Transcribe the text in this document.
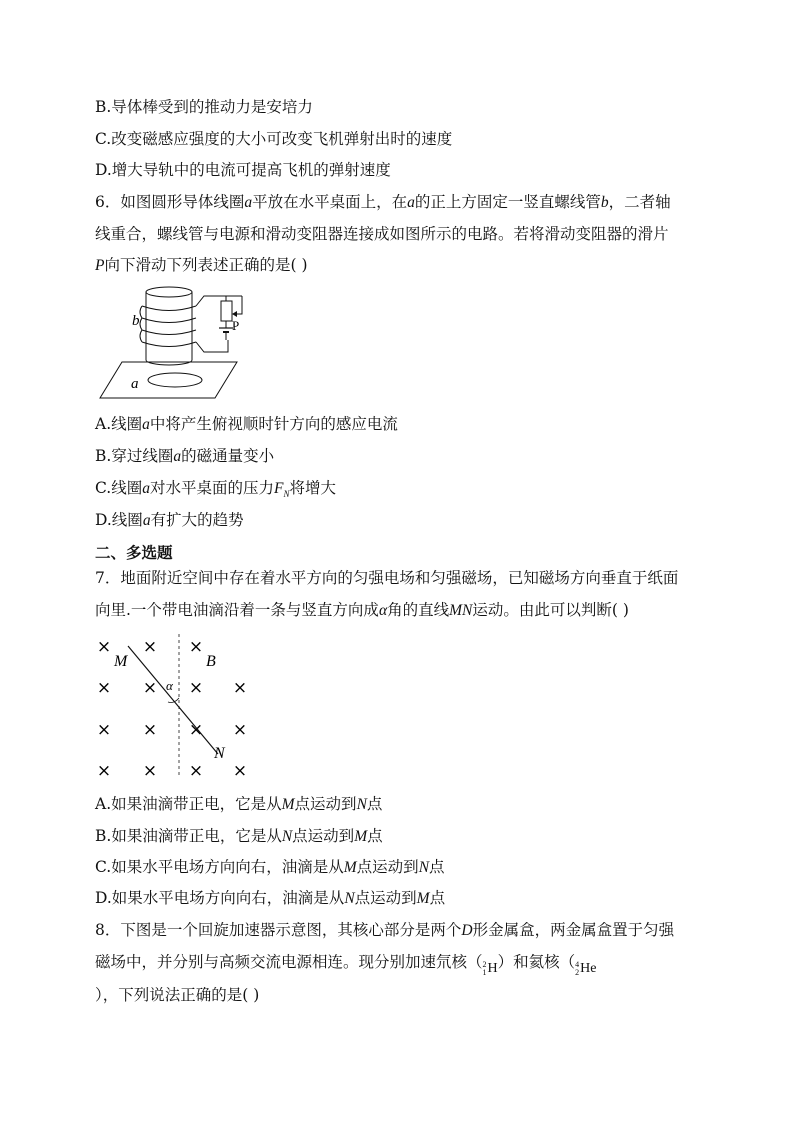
B.导体棒受到的推动力是安培力
C.改变磁感应强度的大小可改变飞机弹射出时的速度
D.增大导轨中的电流可提高飞机的弹射速度
6．如图圆形导体线圈a平放在水平桌面上，在a的正上方固定一竖直螺线管b，二者轴
线重合，螺线管与电源和滑动变阻器连接成如图所示的电路。若将滑动变阻器的滑片
P向下滑动下列表述正确的是( )
b
a
P
A.线圈a中将产生俯视顺时针方向的感应电流
B.穿过线圈a的磁通量变小
C.线圈a对水平桌面的压力$F_N$将增大
D.线圈a有扩大的趋势
二、多选题
7．地面附近空间中存在着水平方向的匀强电场和匀强磁场，已知磁场方向垂直于纸面
向里.一个带电油滴沿着一条与竖直方向成α角的直线MN运动。由此可以判断( )
× × ×
× × × ×
× × × ×
× × × ×
M	B
α
N
A.如果油滴带正电，它是从M点运动到N点
B.如果油滴带正电，它是从N点运动到M点
C.如果水平电场方向向右，油滴是从M点运动到N点
D.如果水平电场方向向右，油滴是从N点运动到M点
8．下图是一个回旋加速器示意图，其核心部分是两个D形金属盒，两金属盒置于匀强
磁场中，并分别与高频交流电源相连。现分别加速氘核（ 2
1 H ）和氦核（ 4
2 He
），下列说法正确的是( )
